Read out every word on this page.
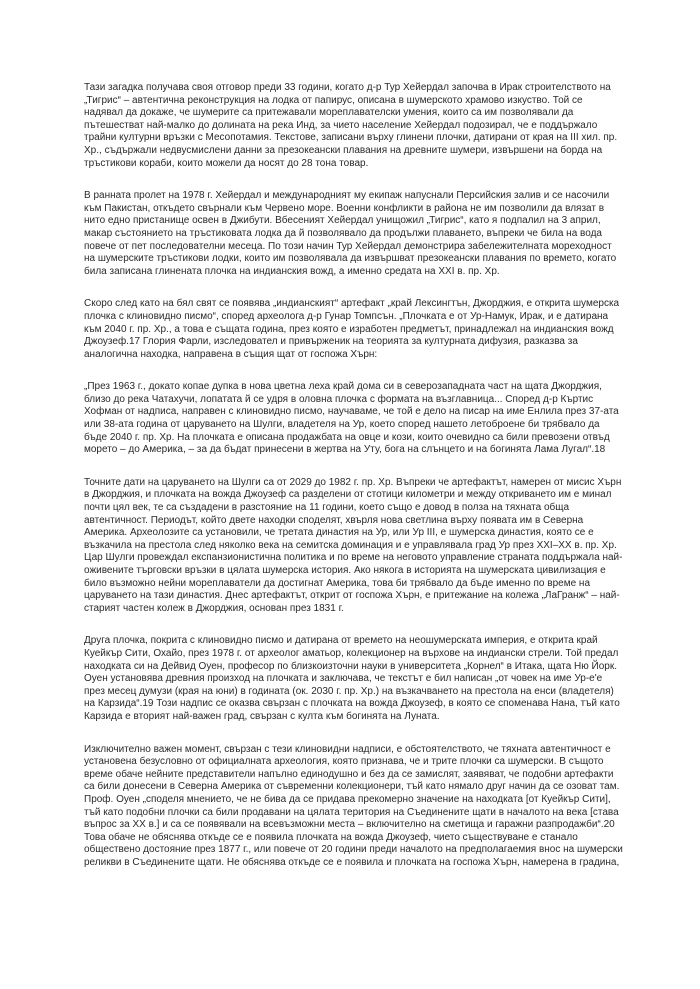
Тази загадка получава своя отговор преди 33 години, когато д-р Тур Хейердал започва в Ирак строителството на „Тигрис“ – автентична реконструкция на лодка от папирус, описана в шумерското храмово изкуство. Той се надявал да докаже, че шумерите са притежавали мореплавателски умения, които са им позволявали да пътешестват най-малко до долината на река Инд, за чието население Хейердал подозирал, че е поддържало трайни културни връзки с Месопотамия. Текстове, записани върху глинени плочки, датирани от края на III хил. пр. Хр., съдържали недвусмислени данни за презокеански плавания на древните шумери, извършени на борда на тръстикови кораби, които можели да носят до 28 тона товар.

В ранната пролет на 1978 г. Хейердал и международният му екипаж напуснали Персийския залив и се насочили към Пакистан, откъдето свърнали към Червено море. Военни конфликти в района не им позволили да влязат в нито едно пристанище освен в Джибути. Вбесеният Хейердал унищожил „Тигрис“, като я подпалил на 3 април, макар състоянието на тръстиковата лодка да й позволявало да продължи плаването, въпреки че била на вода повече от пет последователни месеца. По този начин Тур Хейердал демонстрира забележителната мореходност на шумерските тръстикови лодки, които им позволявала да извършват презокеански плавания по времето, когато била записана глинената плочка на индианския вожд, а именно средата на XXI в. пр. Хр.

Скоро след като на бял свят се появява „индианският“ артефакт „край Лексингтън, Джорджия, е открита шумерска плочка с клиновидно писмо“, според археолога д-р Гунар Томпсън. „Плочката е от Ур-Намук, Ирак, и е датирана към 2040 г. пр. Хр., а това е същата година, през която е изработен предметът, принадлежал на индианския вожд Джоузеф.17 Глория Фарли, изследовател и привърженик на теорията за културната дифузия, разказва за аналогична находка, направена в същия щат от госпожа Хърн:

„През 1963 г., докато копае дупка в нова цветна леха край дома си в северозападната част на щата Джорджия, близо до река Чатахучи, лопатата й се удря в оловна плочка с формата на възглавница... Според д-р Къртис Хофман от надписа, направен с клиновидно писмо, научаваме, че той е дело на писар на име Енлила през 37-ата или 38-ата година от царуването на Шулги, владетеля на Ур, което според нашето летоброене би трябвало да бъде 2040 г. пр. Хр. На плочката е описана продажбата на овце и кози, които очевидно са били превозени отвъд морето – до Америка, – за да бъдат принесени в жертва на Уту, бога на слънцето и на богинята Лама Лугал“.18

Точните дати на царуването на Шулги са от 2029 до 1982 г. пр. Хр. Въпреки че артефактът, намерен от мисис Хърн в Джорджия, и плочката на вожда Джоузеф са разделени от стотици километри и между откриването им е минал почти цял век, те са създадени в разстояние на 11 години, което също е довод в полза на тяхната обща автентичност. Периодът, който двете находки споделят, хвърля нова светлина върху появата им в Северна Америка. Археолозите са установили, че третата династия на Ур, или Ур III, е шумерска династия, която се е възкачила на престола след няколко века на семитска доминация и е управлявала град Ур през XXI–XX в. пр. Хр. Цар Шулги провеждал експанзионистична политика и по време на неговото управление страната поддържала най-оживените търговски връзки в цялата шумерска история. Ако някога в историята на шумерската цивилизация е било възможно нейни мореплаватели да достигнат Америка, това би трябвало да бъде именно по време на царуването на тази династия. Днес артефактът, открит от госпожа Хърн, е притежание на колежа „ЛаГранж“ – най-старият частен колеж в Джорджия, основан през 1831 г.

Друга плочка, покрита с клиновидно писмо и датирана от времето на неошумерската империя, е открита край Куейкър Сити, Охайо, през 1978 г. от археолог аматьор, колекционер на върхове на индиански стрели. Той предал находката си на Дейвид Оуен, професор по близкоизточни науки в университета „Корнел“ в Итака, щата Ню Йорк. Оуен установява древния произход на плочката и заключава, че текстът е бил написан „от човек на име Ур-е'е през месец думузи (края на юни) в годината (ок. 2030 г. пр. Хр.) на възкачването на престола на енси (владетеля) на Карзида“.19 Този надпис се оказва свързан с плочката на вожда Джоузеф, в която се споменава Нанa, тъй като Карзида е вторият най-важен град, свързан с култа към богинята на Луната.

Изключително важен момент, свързан с тези клиновидни надписи, е обстоятелството, че тяхната автентичност е установена безусловно от официалната археология, която признава, че и трите плочки са шумерски. В същото време обаче нейните представители напълно единодушно и без да се замислят, заявяват, че подобни артефакти са били донесени в Северна Америка от съвременни колекционери, тъй като нямало друг начин да се озоват там. Проф. Оуен „споделя мнението, че не бива да се придава прекомерно значение на находката [от Куейкър Сити], тъй като подобни плочки са били продавани на цялата територия на Съединените щати в началото на века [става въпрос за XX в.] и са се появявали на всевъзможни места – включително на сметища и гаражни разпродажби“.20 Това обаче не обяснява откъде се е появила плочката на вожда Джоузеф, чието съществуване е станало обществено достояние през 1877 г., или повече от 20 години преди началото на предполагаемия внос на шумерски реликви в Съединените щати. Не обяснява откъде се е появила и плочката на госпожа Хърн, намерена в градина,
